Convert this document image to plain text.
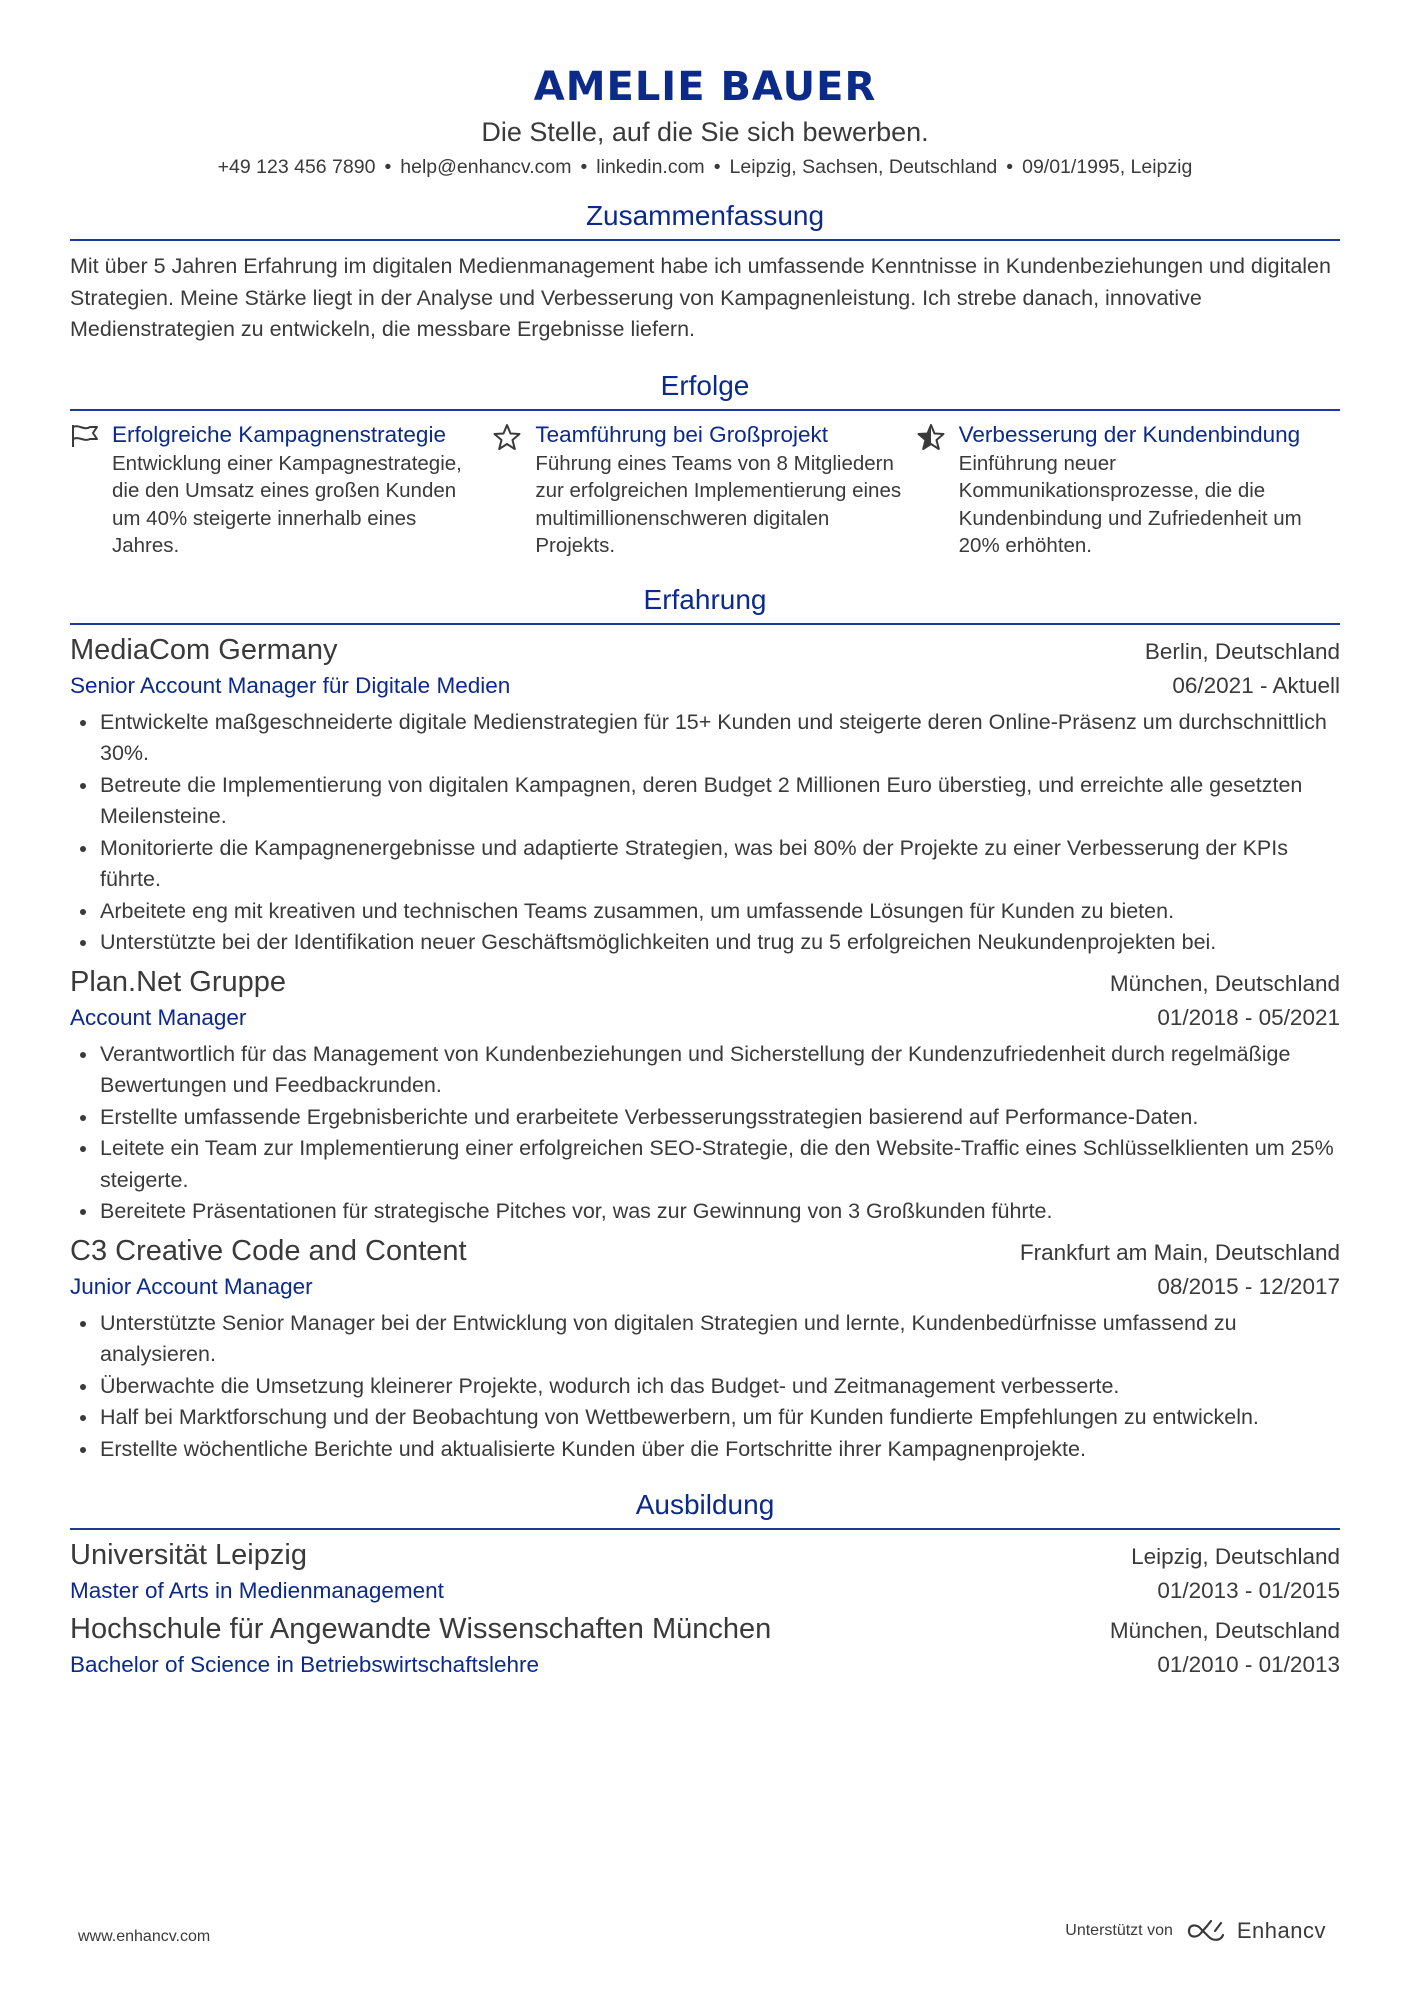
AMELIE BAUER
Die Stelle, auf die Sie sich bewerben.
+49 123 456 7890 • help@enhancv.com • linkedin.com • Leipzig, Sachsen, Deutschland • 09/01/1995, Leipzig
Zusammenfassung
Mit über 5 Jahren Erfahrung im digitalen Medienmanagement habe ich umfassende Kenntnisse in Kundenbeziehungen und digitalen Strategien. Meine Stärke liegt in der Analyse und Verbesserung von Kampagnenleistung. Ich strebe danach, innovative Medienstrategien zu entwickeln, die messbare Ergebnisse liefern.
Erfolge
Erfolgreiche Kampagnenstrategie
Entwicklung einer Kampagnestrategie, die den Umsatz eines großen Kunden um 40% steigerte innerhalb eines Jahres.
Teamführung bei Großprojekt
Führung eines Teams von 8 Mitgliedern zur erfolgreichen Implementierung eines multimillionenschweren digitalen Projekts.
Verbesserung der Kundenbindung
Einführung neuer Kommunikationsprozesse, die die Kundenbindung und Zufriedenheit um 20% erhöhten.
Erfahrung
MediaCom Germany	Berlin, Deutschland
Senior Account Manager für Digitale Medien	06/2021 - Aktuell
Entwickelte maßgeschneiderte digitale Medienstrategien für 15+ Kunden und steigerte deren Online-Präsenz um durchschnittlich 30%.
Betreute die Implementierung von digitalen Kampagnen, deren Budget 2 Millionen Euro überstieg, und erreichte alle gesetzten Meilensteine.
Monitorierte die Kampagnenergebnisse und adaptierte Strategien, was bei 80% der Projekte zu einer Verbesserung der KPIs führte.
Arbeitete eng mit kreativen und technischen Teams zusammen, um umfassende Lösungen für Kunden zu bieten.
Unterstützte bei der Identifikation neuer Geschäftsmöglichkeiten und trug zu 5 erfolgreichen Neukundenprojekten bei.
Plan.Net Gruppe	München, Deutschland
Account Manager	01/2018 - 05/2021
Verantwortlich für das Management von Kundenbeziehungen und Sicherstellung der Kundenzufriedenheit durch regelmäßige Bewertungen und Feedbackrunden.
Erstellte umfassende Ergebnisberichte und erarbeitete Verbesserungsstrategien basierend auf Performance-Daten.
Leitete ein Team zur Implementierung einer erfolgreichen SEO-Strategie, die den Website-Traffic eines Schlüsselklienten um 25% steigerte.
Bereitete Präsentationen für strategische Pitches vor, was zur Gewinnung von 3 Großkunden führte.
C3 Creative Code and Content	Frankfurt am Main, Deutschland
Junior Account Manager	08/2015 - 12/2017
Unterstützte Senior Manager bei der Entwicklung von digitalen Strategien und lernte, Kundenbedürfnisse umfassend zu analysieren.
Überwachte die Umsetzung kleinerer Projekte, wodurch ich das Budget- und Zeitmanagement verbesserte.
Half bei Marktforschung und der Beobachtung von Wettbewerbern, um für Kunden fundierte Empfehlungen zu entwickeln.
Erstellte wöchentliche Berichte und aktualisierte Kunden über die Fortschritte ihrer Kampagnenprojekte.
Ausbildung
Universität Leipzig	Leipzig, Deutschland
Master of Arts in Medienmanagement	01/2013 - 01/2015
Hochschule für Angewandte Wissenschaften München	München, Deutschland
Bachelor of Science in Betriebswirtschaftslehre	01/2010 - 01/2013
www.enhancv.com	Unterstützt von	Enhancv
